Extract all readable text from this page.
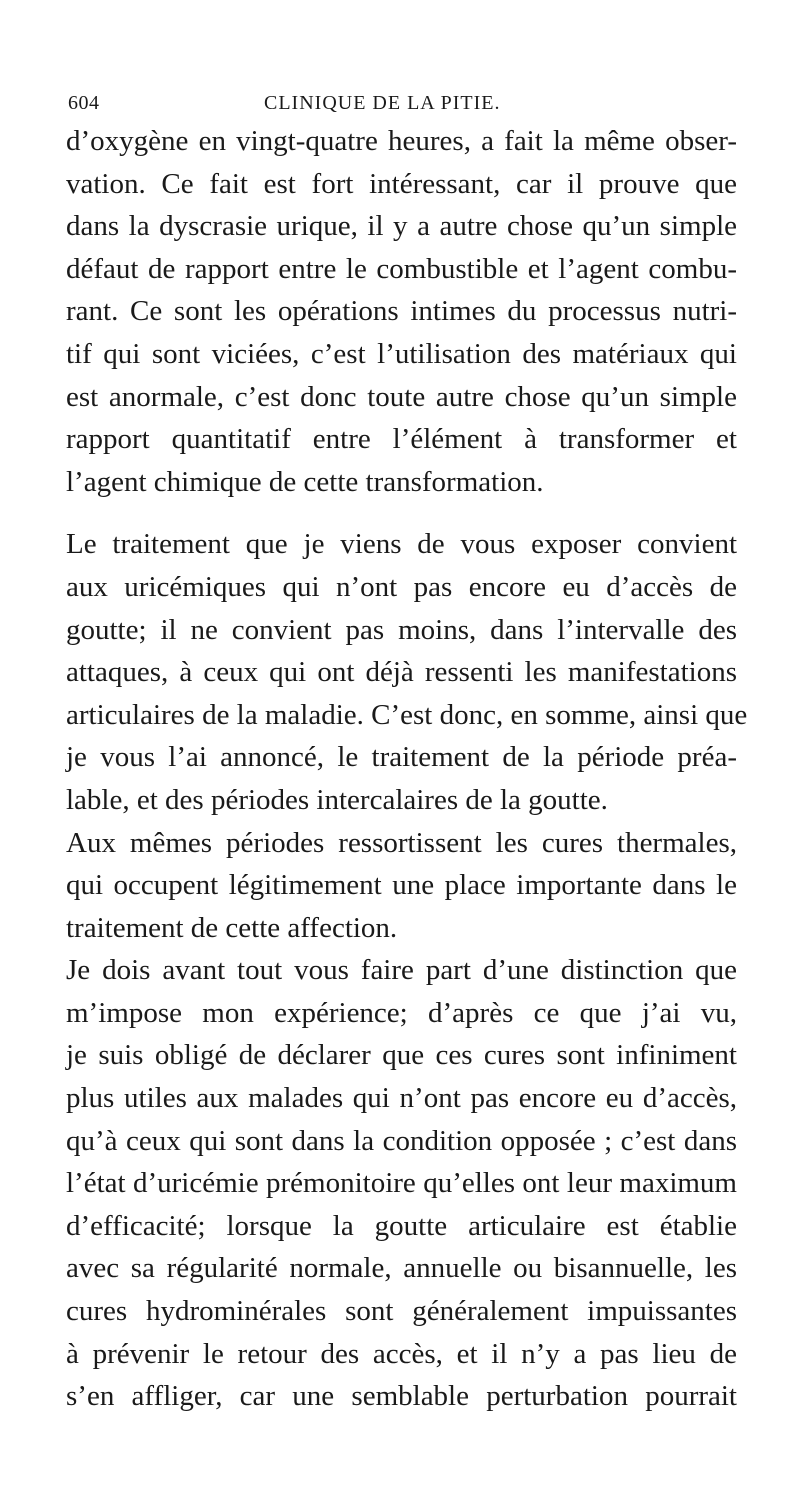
604	CLINIQUE DE LA PITIE.
d’oxygène en vingt-quatre heures, a fait la même obser-
vation. Ce fait est fort intéressant, car il prouve que
dans la dyscrasie urique, il y a autre chose qu’un simple
défaut de rapport entre le combustible et l’agent combu-
rant. Ce sont les opérations intimes du processus nutri-
tif qui sont viciées, c’est l’utilisation des matériaux qui
est anormale, c’est donc toute autre chose qu’un simple
rapport quantitatif entre l’élément à transformer et
l’agent chimique de cette transformation.
Le traitement que je viens de vous exposer convient
aux uricémiques qui n’ont pas encore eu d’accès de
goutte; il ne convient pas moins, dans l’intervalle des
attaques, à ceux qui ont déjà ressenti les manifestations
articulaires de la maladie. C’est donc, en somme, ainsi que
je vous l’ai annoncé, le traitement de la période préa-
lable, et des périodes intercalaires de la goutte.
Aux mêmes périodes ressortissent les cures thermales,
qui occupent légitimement une place importante dans le
traitement de cette affection.
Je dois avant tout vous faire part d’une distinction que
m’impose mon expérience; d’après ce que j’ai vu,
je suis obligé de déclarer que ces cures sont infiniment
plus utiles aux malades qui n’ont pas encore eu d’accès,
qu’à ceux qui sont dans la condition opposée ; c’est dans
l’état d’uricémie prémonitoire qu’elles ont leur maximum
d’efficacité; lorsque la goutte articulaire est établie
avec sa régularité normale, annuelle ou bisannuelle, les
cures hydrominérales sont généralement impuissantes
à prévenir le retour des accès, et il n’y a pas lieu de
s’en affliger, car une semblable perturbation pourrait
